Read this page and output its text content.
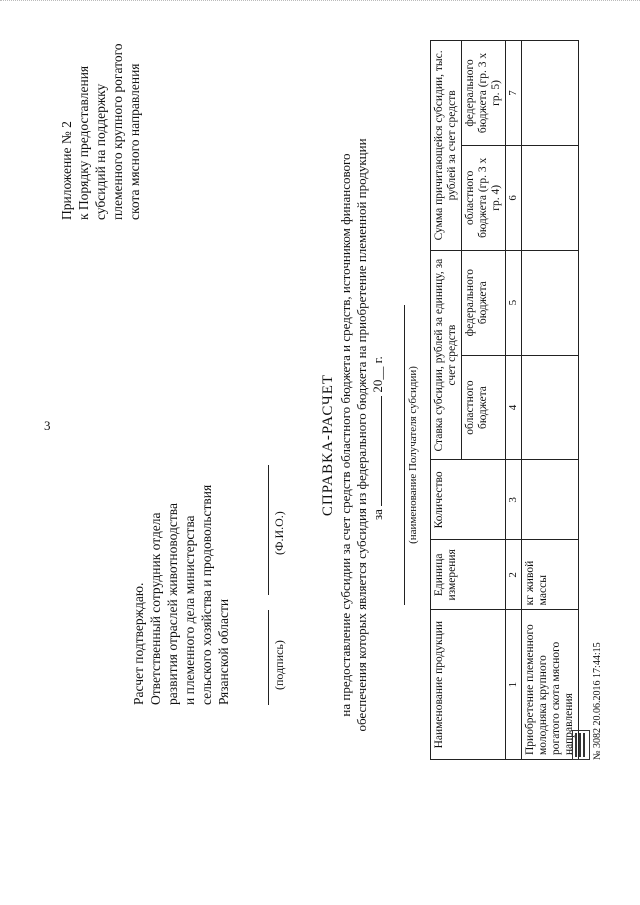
3
Приложение № 2 к Порядку предоставления субсидий на поддержку племенного крупного рогатого скота мясного направления
Расчет подтверждаю. Ответственный сотрудник отдела развития отраслей животноводства и племенного дела министерства сельского хозяйства и продовольствия Рязанской области	(подпись)
(Ф.И.О.)
СПРАВКА-РАСЧЕТ на предоставление субсидии за счет средств областного бюджета и средств, источником финансового обеспечения которых является субсидия из федерального бюджета на приобретение племенной продукции за  20__ г.
(наименование Получателя субсидии)
Наименование продукции	Единица измерения	Количество	Ставка субсидии, рублей за единицу, за счет средств		Сумма причитающейся субсидии, тыс. рублей за счет средств	
			областного бюджета	федерального бюджета	областного бюджета (гр. 3 х гр. 4)	федерального бюджета (гр. 3 х гр. 5)
1	2	3	4	5	6	7
Приобретение племенного молодняка крупного рогатого скота мясного направления	кг живой массы					
№ 3082 20.06.2016 17:44:15
